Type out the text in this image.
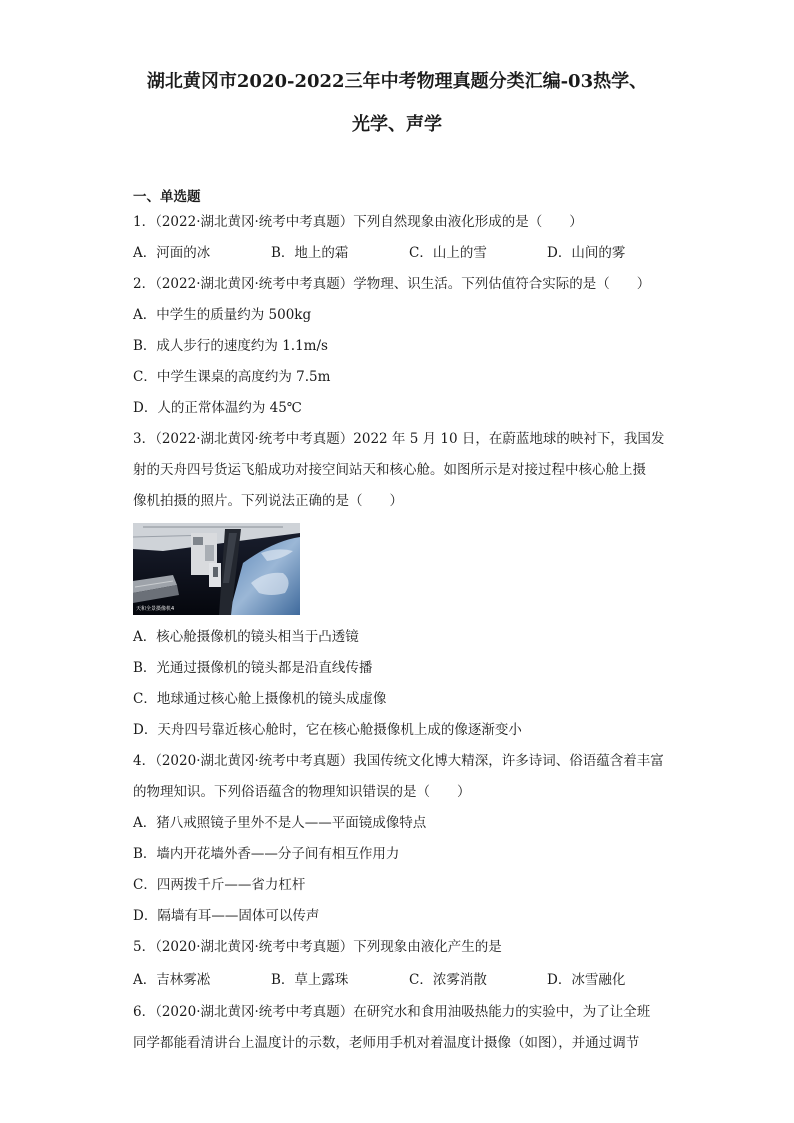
湖北黄冈市2020-2022三年中考物理真题分类汇编-03热学、
光学、声学

一、单选题

1．（2022·湖北黄冈·统考中考真题）下列自然现象由液化形成的是（　　）

A．河面的冰	B．地上的霜	C．山上的雪	D．山间的雾

2．（2022·湖北黄冈·统考中考真题）学物理、识生活。下列估值符合实际的是（　　）

A．中学生的质量约为 500kg

B．成人步行的速度约为 1.1m/s

C．中学生课桌的高度约为 7.5m

D．人的正常体温约为 45℃

3．（2022·湖北黄冈·统考中考真题）2022 年 5 月 10 日，在蔚蓝地球的映衬下，我国发

射的天舟四号货运飞船成功对接空间站天和核心舱。如图所示是对接过程中核心舱上摄

像机拍摄的照片。下列说法正确的是（　　）

天和全景摄像机4

A．核心舱摄像机的镜头相当于凸透镜

B．光通过摄像机的镜头都是沿直线传播

C．地球通过核心舱上摄像机的镜头成虚像

D．天舟四号靠近核心舱时，它在核心舱摄像机上成的像逐渐变小

4．（2020·湖北黄冈·统考中考真题）我国传统文化博大精深，许多诗词、俗语蕴含着丰富

的物理知识。下列俗语蕴含的物理知识错误的是（　　）

A．猪八戒照镜子里外不是人——平面镜成像特点

B．墙内开花墙外香——分子间有相互作用力

C．四两拨千斤——省力杠杆

D．隔墙有耳——固体可以传声

5．（2020·湖北黄冈·统考中考真题）下列现象由液化产生的是

A．吉林雾凇	B．草上露珠	C．浓雾消散	D．冰雪融化

6．（2020·湖北黄冈·统考中考真题）在研究水和食用油吸热能力的实验中，为了让全班

同学都能看清讲台上温度计的示数，老师用手机对着温度计摄像（如图），并通过调节
